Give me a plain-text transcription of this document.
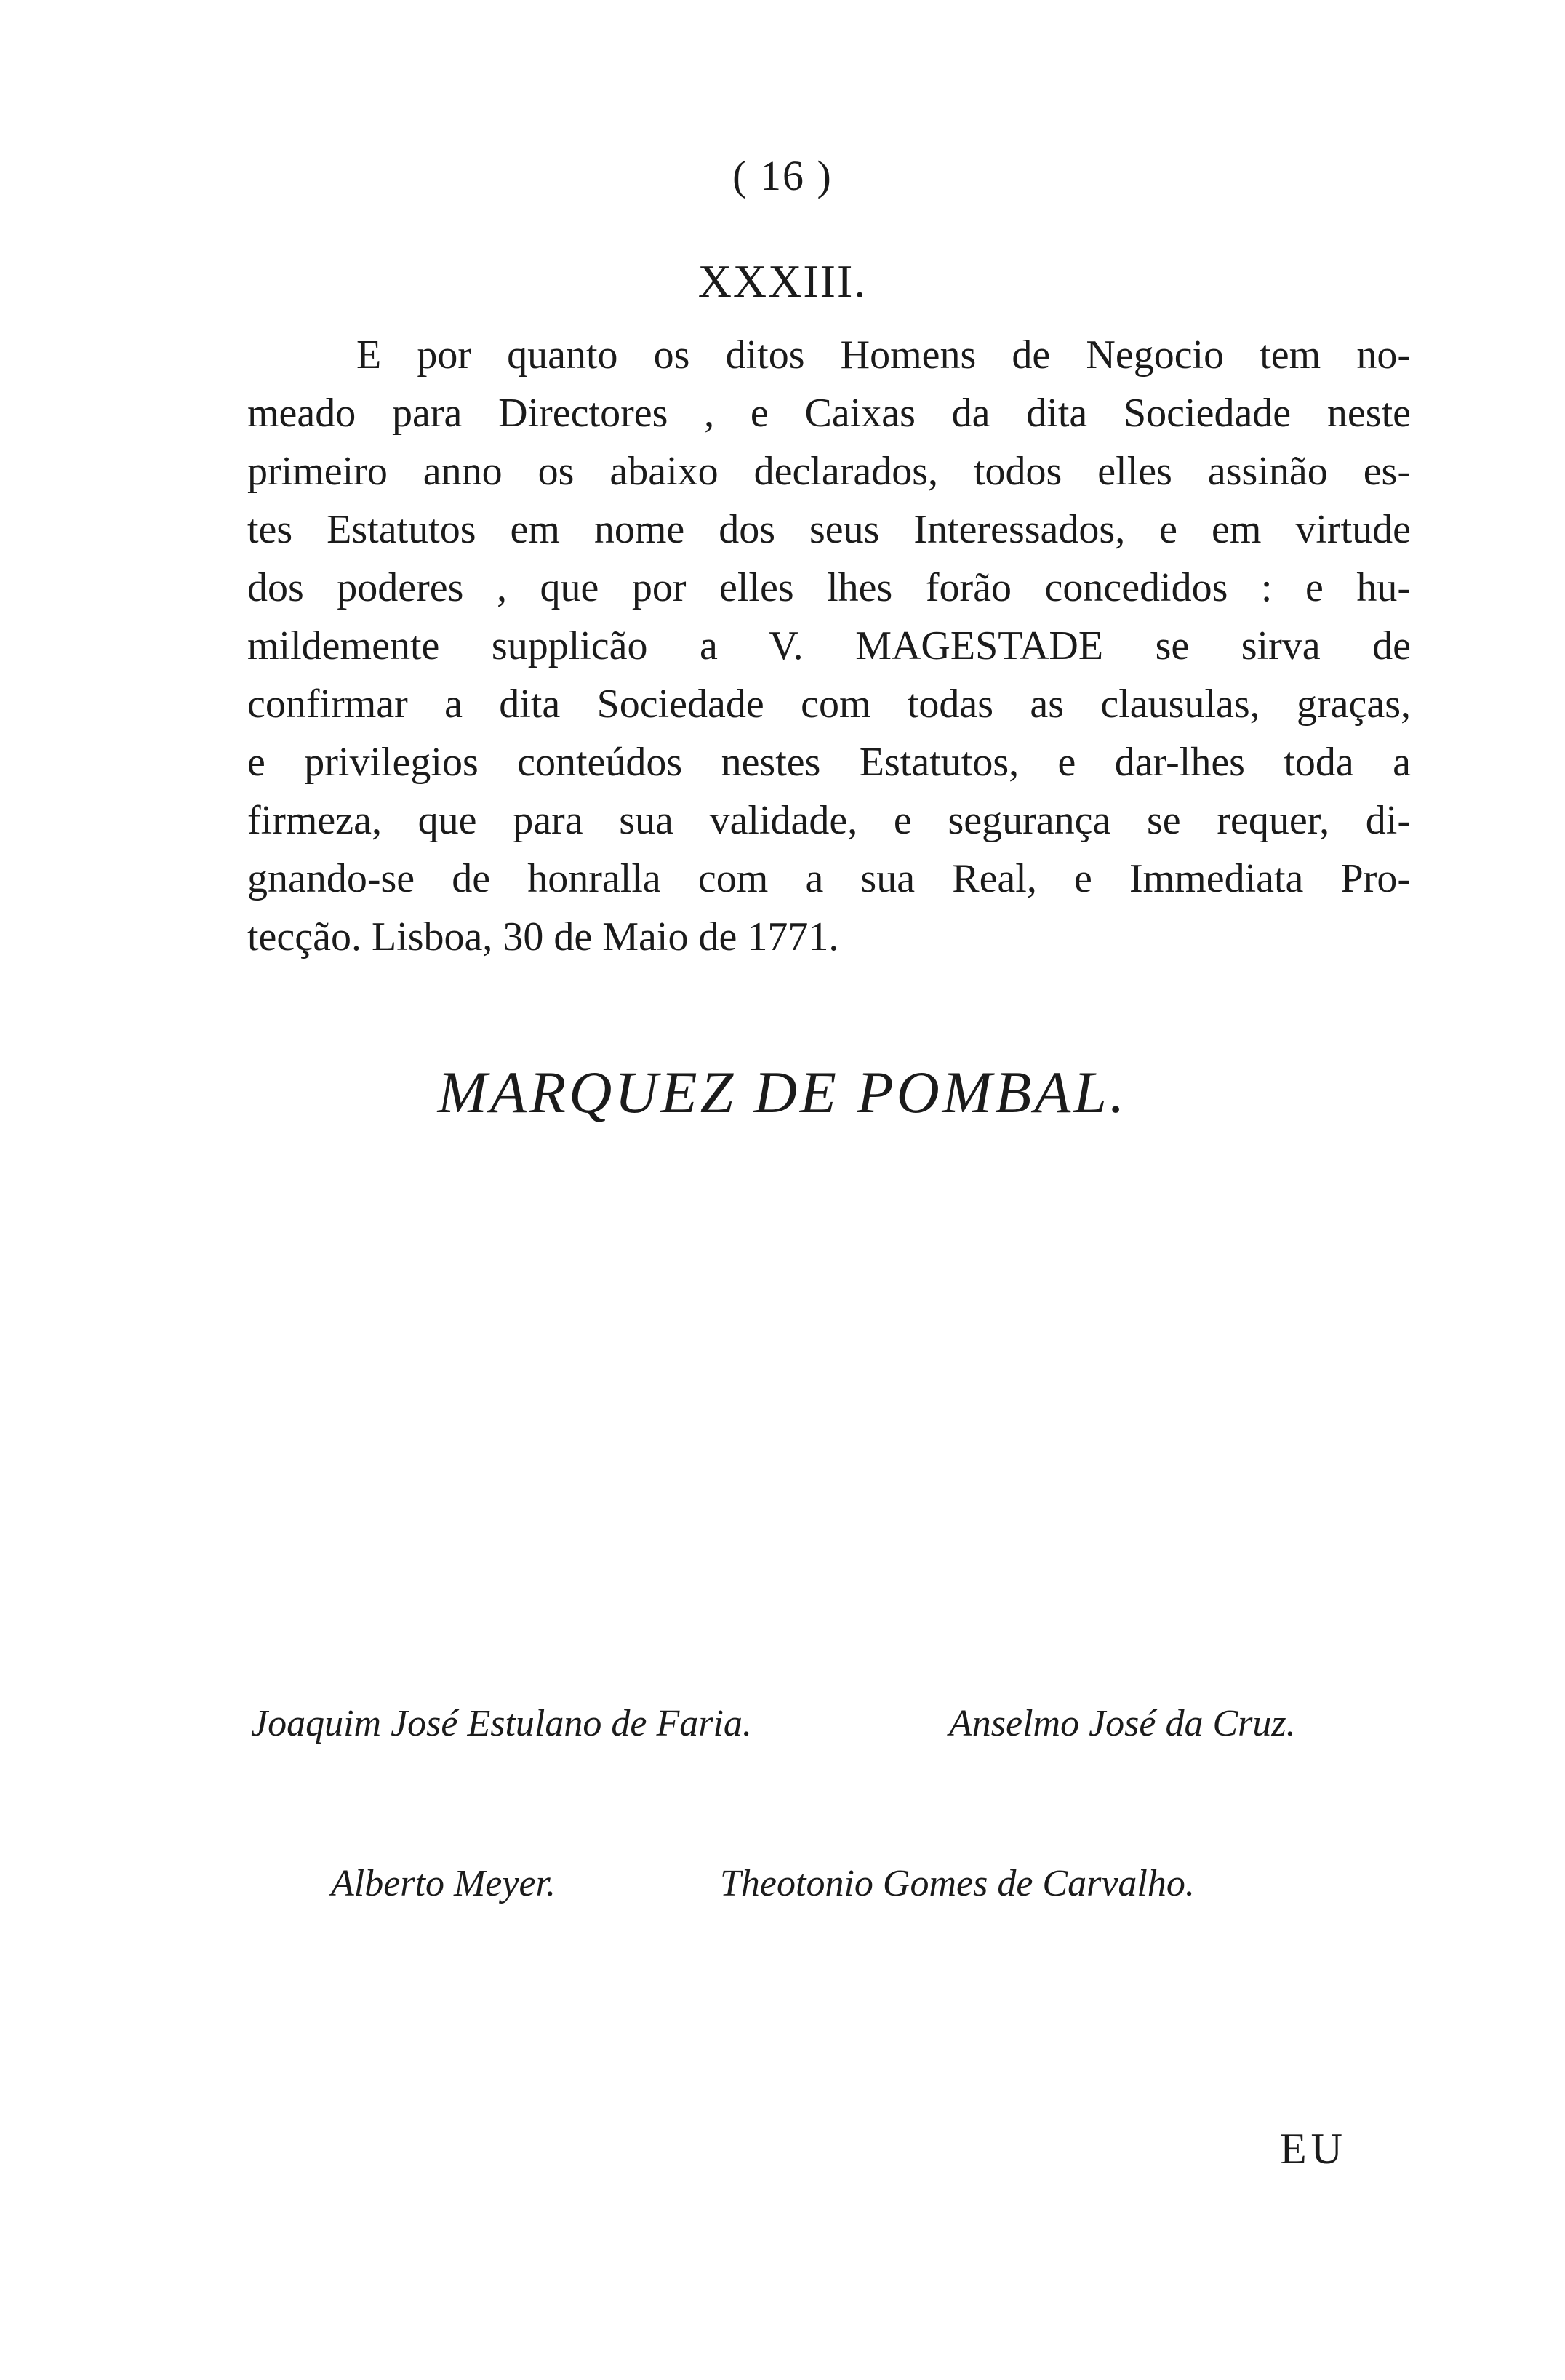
( 16 )
XXXIII.
E por quanto os ditos Homens de Negocio tem no-
meado para Directores , e Caixas da dita Sociedade neste
primeiro anno os abaixo declarados, todos elles assinão es-
tes Estatutos em nome dos seus Interessados, e em virtude
dos poderes , que por elles lhes forão concedidos : e hu-
mildemente supplicão a V. MAGESTADE se sirva de
confirmar a dita Sociedade com todas as clausulas, graças,
e privilegios conteúdos nestes Estatutos, e dar-lhes toda a
firmeza, que para sua validade, e segurança se requer, di-
gnando-se de honralla com a sua Real, e Immediata Pro-
tecção. Lisboa, 30 de Maio de 1771.
MARQUEZ DE POMBAL.
Joaquim José Estulano de Faria.	Anselmo José da Cruz.
Alberto Meyer.	Theotonio Gomes de Carvalho.
EU
